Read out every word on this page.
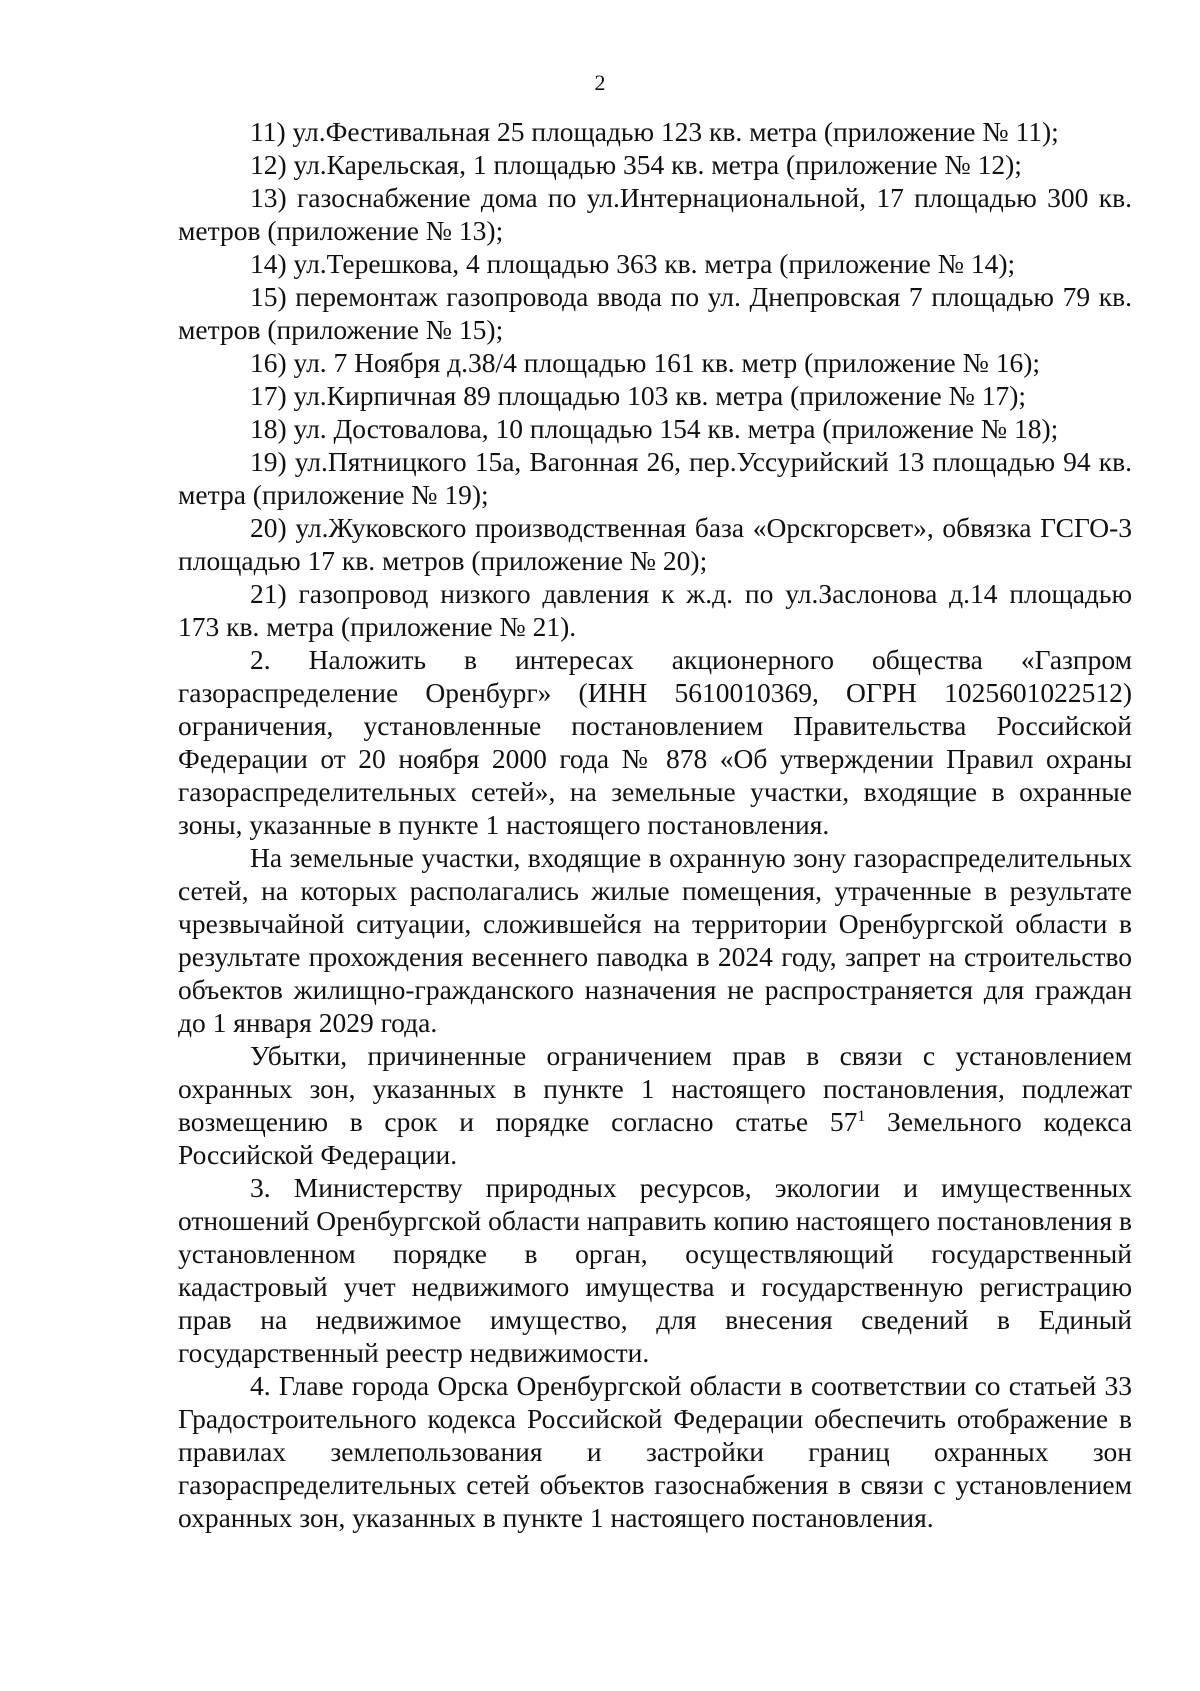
2

11) ул.Фестивальная 25 площадью 123 кв. метра (приложение № 11);

12) ул.Карельская, 1 площадью 354 кв. метра (приложение № 12);

13) газоснабжение дома по ул.Интернациональной, 17 площадью 300 кв. метров (приложение № 13);

14) ул.Терешкова, 4 площадью 363 кв. метра (приложение № 14);

15) перемонтаж газопровода ввода по ул. Днепровская 7 площадью 79 кв. метров (приложение № 15);

16) ул. 7 Ноября д.38/4 площадью 161 кв. метр (приложение № 16);

17) ул.Кирпичная 89 площадью 103 кв. метра (приложение № 17);

18) ул. Достовалова, 10 площадью 154 кв. метра (приложение № 18);

19) ул.Пятницкого 15а, Вагонная 26, пер.Уссурийский 13 площадью 94 кв. метра (приложение № 19);

20) ул.Жуковского производственная база «Орскгорсвет», обвязка ГСГО-3 площадью 17 кв. метров (приложение № 20);

21) газопровод низкого давления к ж.д. по ул.Заслонова д.14 площадью 173 кв. метра (приложение № 21).

2. Наложить в интересах акционерного общества «Газпром газораспределение Оренбург» (ИНН 5610010369, ОГРН 1025601022512) ограничения, установленные постановлением Правительства Российской Федерации от 20 ноября 2000 года № 878 «Об утверждении Правил охраны газораспределительных сетей», на земельные участки, входящие в охранные зоны, указанные в пункте 1 настоящего постановления.

На земельные участки, входящие в охранную зону газораспределительных сетей, на которых располагались жилые помещения, утраченные в результате чрезвычайной ситуации, сложившейся на территории Оренбургской области в результате прохождения весеннего паводка в 2024 году, запрет на строительство объектов жилищно-гражданского назначения не распространяется для граждан до 1 января 2029 года.

Убытки, причиненные ограничением прав в связи с установлением охранных зон, указанных в пункте 1 настоящего постановления, подлежат возмещению в срок и порядке согласно статье $57^1$ Земельного кодекса Российской Федерации.

3. Министерству природных ресурсов, экологии и имущественных отношений Оренбургской области направить копию настоящего постановления в установленном порядке в орган, осуществляющий государственный кадастровый учет недвижимого имущества и государственную регистрацию прав на недвижимое имущество, для внесения сведений в Единый государственный реестр недвижимости.

4. Главе города Орска Оренбургской области в соответствии со статьей 33 Градостроительного кодекса Российской Федерации обеспечить отображение в правилах землепользования и застройки границ охранных зон газораспределительных сетей объектов газоснабжения в связи с установлением охранных зон, указанных в пункте 1 настоящего постановления.
